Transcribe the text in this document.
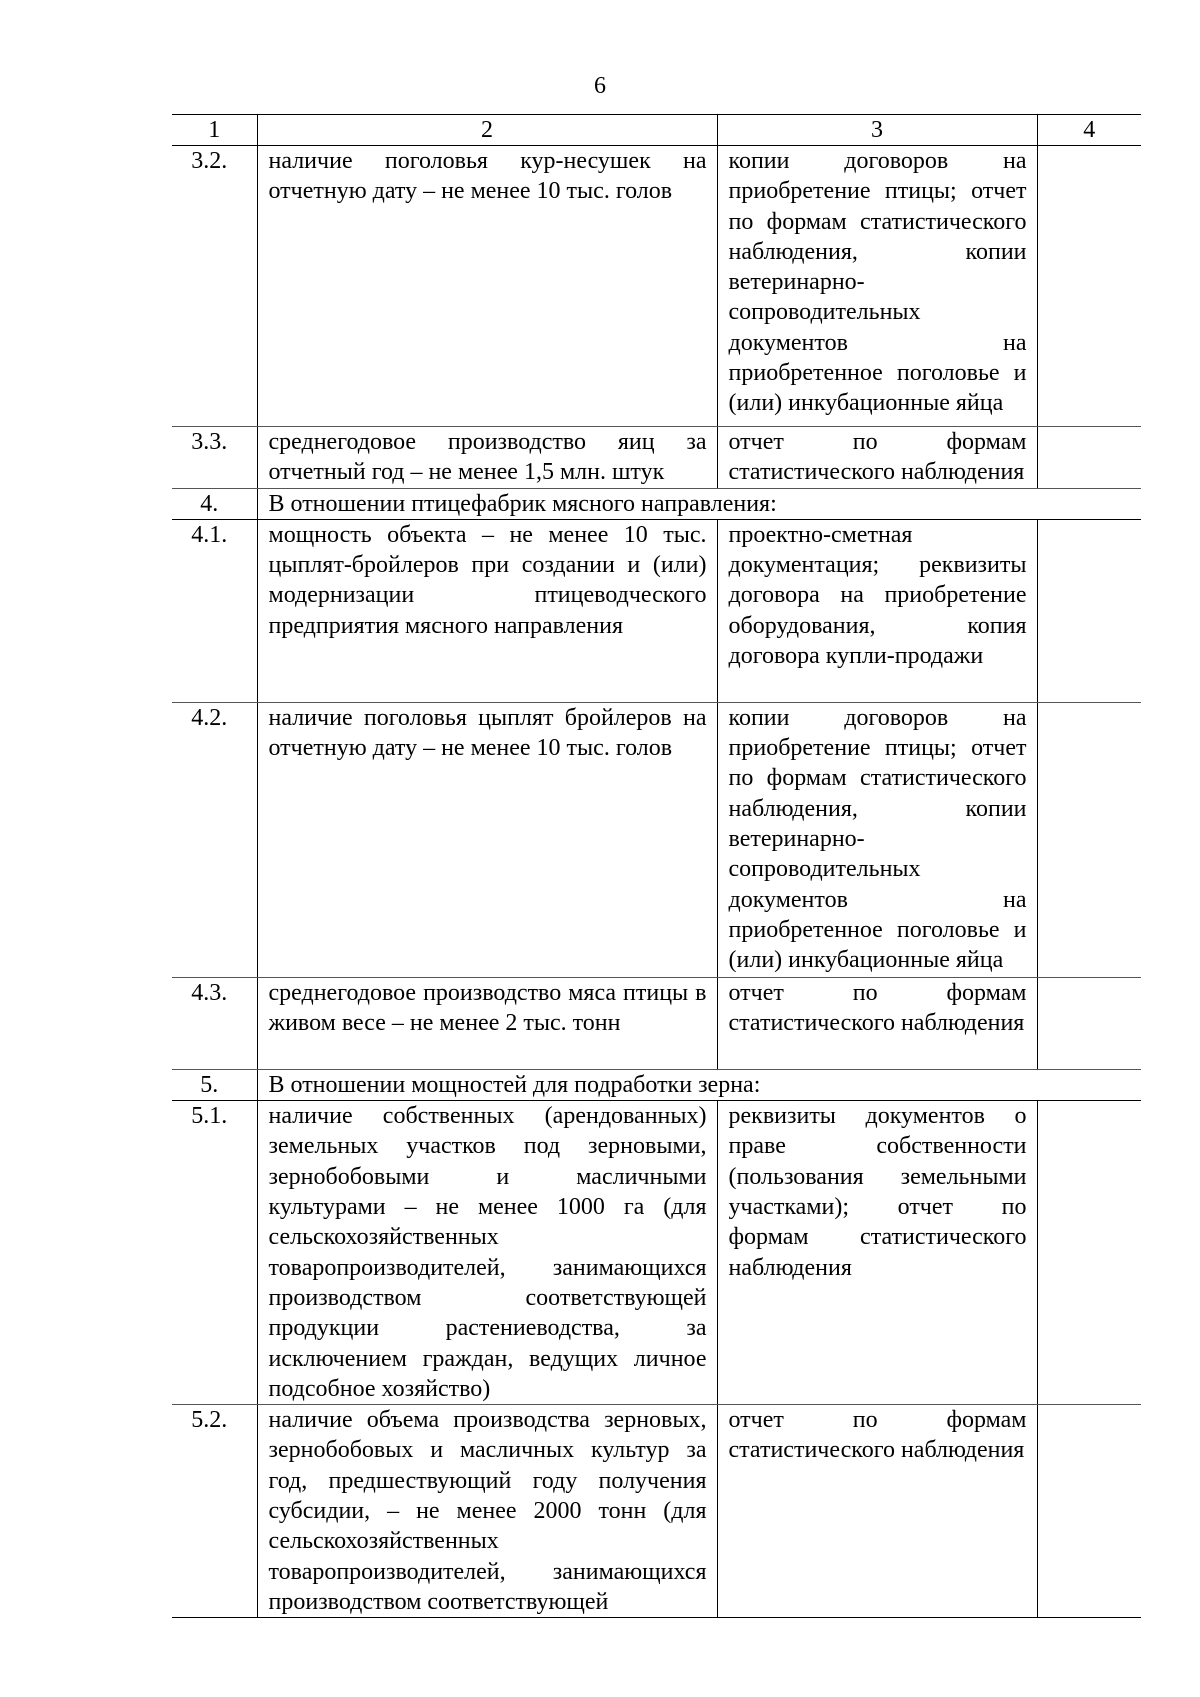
6
1	2	3	4
3.2.	наличие поголовья кур-несушек на отчетную дату – не менее 10 тыс. голов	копии договоров на приобретение птицы; отчет по формам статистического наблюдения, копии ветеринарно-сопроводительных документов на приобретенное поголовье и (или) инкубационные яйца	
3.3.	среднегодовое производство яиц за отчетный год – не менее 1,5 млн. штук	отчет по формам статистического наблюдения	
4.	В отношении птицефабрик мясного направления:		
4.1.	мощность объекта – не менее 10 тыс. цыплят-бройлеров при создании и (или) модернизации птицеводческого предприятия мясного направления	проектно-сметная документация; реквизиты договора на приобретение оборудования, копия договора купли-продажи	
4.2.	наличие поголовья цыплят бройлеров на отчетную дату – не менее 10 тыс. голов	копии договоров на приобретение птицы; отчет по формам статистического наблюдения, копии ветеринарно-сопроводительных документов на приобретенное поголовье и (или) инкубационные яйца	
4.3.	среднегодовое производство мяса птицы в живом весе – не менее 2 тыс. тонн	отчет по формам статистического наблюдения	
5.	В отношении мощностей для подработки зерна:		
5.1.	наличие собственных (арендованных) земельных участков под зерновыми, зернобобовыми и масличными культурами – не менее 1000 га (для сельскохозяйственных товаропроизводителей, занимающихся производством соответствующей продукции растениеводства, за исключением граждан, ведущих личное подсобное хозяйство)	реквизиты документов о праве собственности (пользования земельными участками); отчет по формам статистического наблюдения	
5.2.	наличие объема производства зерновых, зернобобовых и масличных культур за год, предшествующий году получения субсидии, – не менее 2000 тонн (для сельскохозяйственных товаропроизводителей, занимающихся производством соответствующей	отчет по формам статистического наблюдения	
